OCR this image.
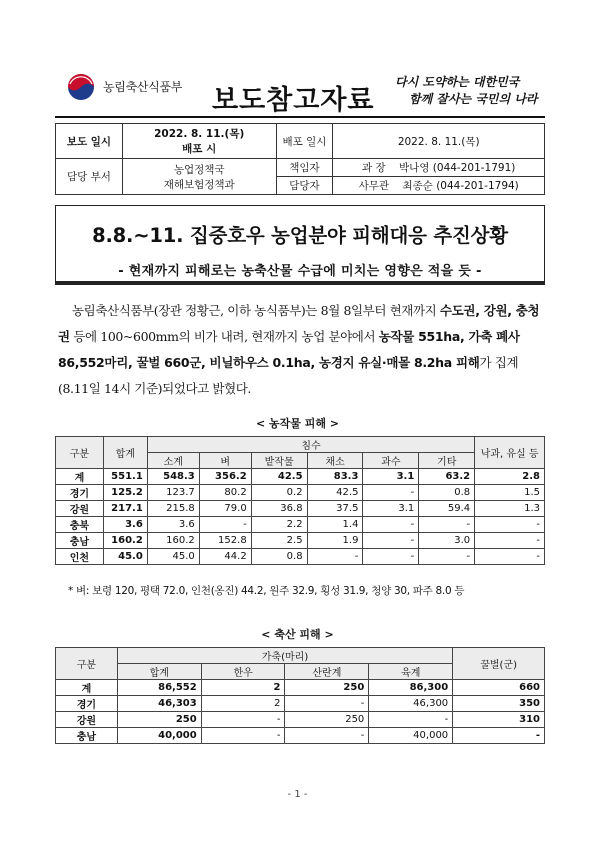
농림축산식품부 보도참고자료
다시 도약하는 대한민국
함께 잘사는 국민의 나라
보도 일시	2022. 8. 11.(목)
배포 시	배포 일시	2022. 8. 11.(목)
담당 부서	농업정책국
재해보험정책과	책임자	과 장 박나영 (044-201-1791)
		담당자	사무관 최종순 (044-201-1794)
8.8.~11. 집중호우 농업분야 피해대응 추진상황
- 현재까지 피해로는 농축산물 수급에 미치는 영향은 적을 듯 -
농림축산식품부(장관 정황근, 이하 농식품부)는 8월 8일부터 현재까지 수도권, 강원, 충청권 등에 100~600mm의 비가 내려, 현재까지 농업 분야에서 농작물 551ha, 가축 폐사 86,552마리, 꿀벌 660군, 비닐하우스 0.1ha, 농경지 유실·매몰 8.2ha 피해가 집계(8.11일 14시 기준)되었다고 밝혔다.
< 농작물 피해 >
구분	합계	침수						낙과, 유실 등
		소계	벼	밭작물	채소	과수	기타	
계	551.1	548.3	356.2	42.5	83.3	3.1	63.2	2.8
경기	125.2	123.7	80.2	0.2	42.5	-	0.8	1.5
강원	217.1	215.8	79.0	36.8	37.5	3.1	59.4	1.3
충북	3.6	3.6	-	2.2	1.4	-	-	-
충남	160.2	160.2	152.8	2.5	1.9	-	3.0	-
인천	45.0	45.0	44.2	0.8	-	-	-	-
* 벼: 보령 120, 평택 72.0, 인천(옹진) 44.2, 원주 32.9, 횡성 31.9, 청양 30, 파주 8.0 등
< 축산 피해 >
구분	가축(마리)				꿀벌(군)
	합계	한우	산란계	육계	
계	86,552	2	250	86,300	660
경기	46,303	2	-	46,300	350
강원	250	-	250	-	310
충남	40,000	-	-	40,000	-
- 1 -
